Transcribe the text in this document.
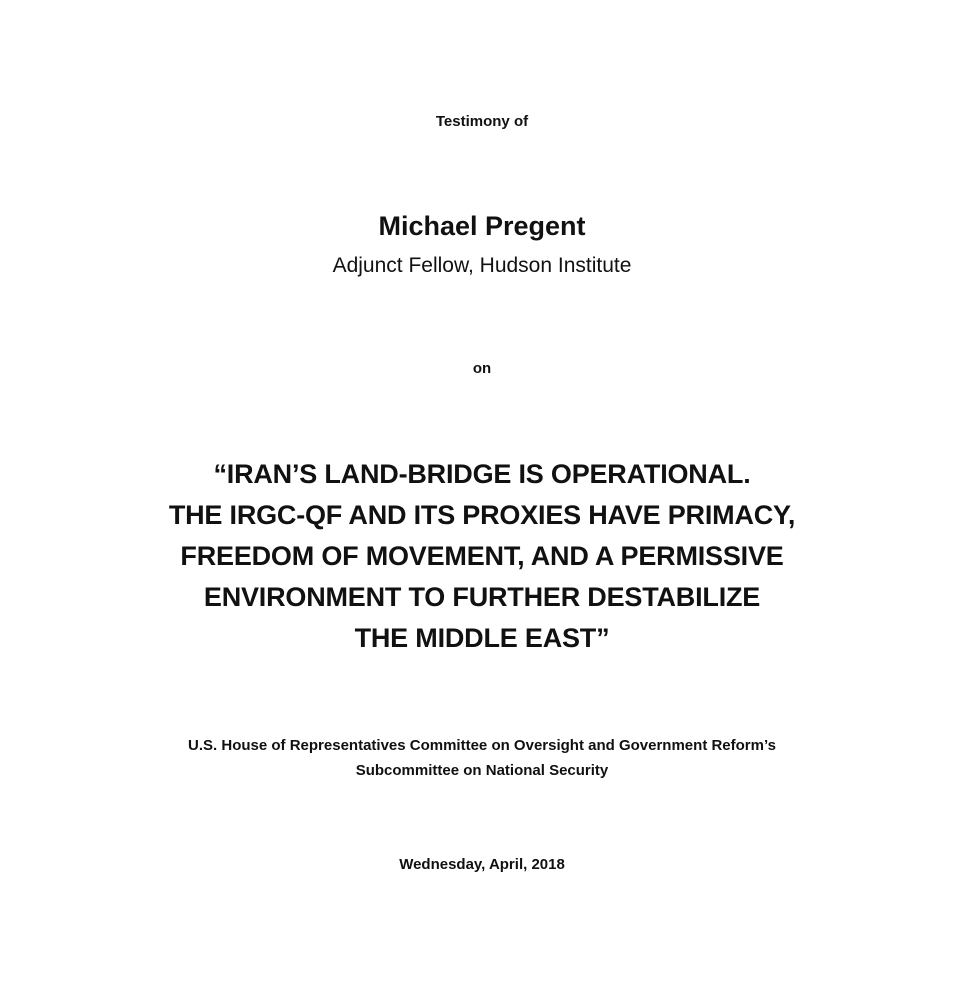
Testimony of
Michael Pregent
Adjunct Fellow, Hudson Institute
on
“IRAN’S LAND-BRIDGE IS OPERATIONAL.
THE IRGC-QF AND ITS PROXIES HAVE PRIMACY,
FREEDOM OF MOVEMENT, AND A PERMISSIVE
ENVIRONMENT TO FURTHER DESTABILIZE
THE MIDDLE EAST”
U.S. House of Representatives Committee on Oversight and Government Reform’s
Subcommittee on National Security
Wednesday, April, 2018
